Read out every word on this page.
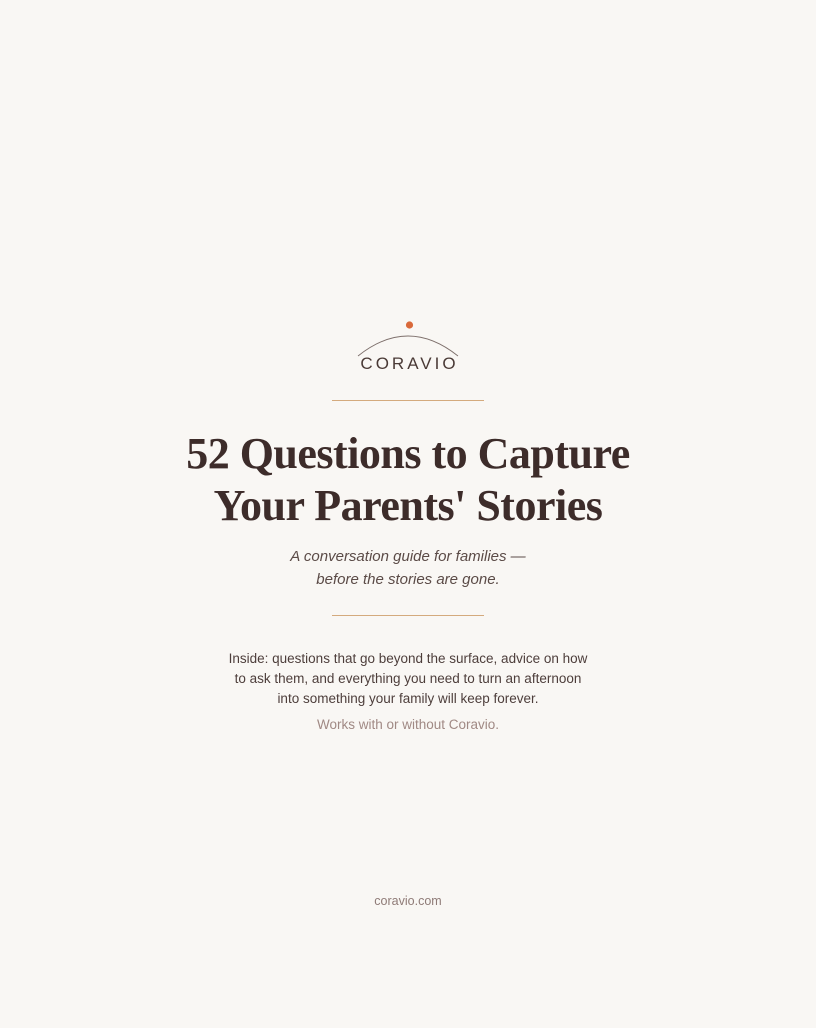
CORAVIO
52 Questions to Capture
Your Parents' Stories

A conversation guide for families —
before the stories are gone.

Inside: questions that go beyond the surface, advice on how
to ask them, and everything you need to turn an afternoon
into something your family will keep forever.

Works with or without Coravio.

coravio.com
